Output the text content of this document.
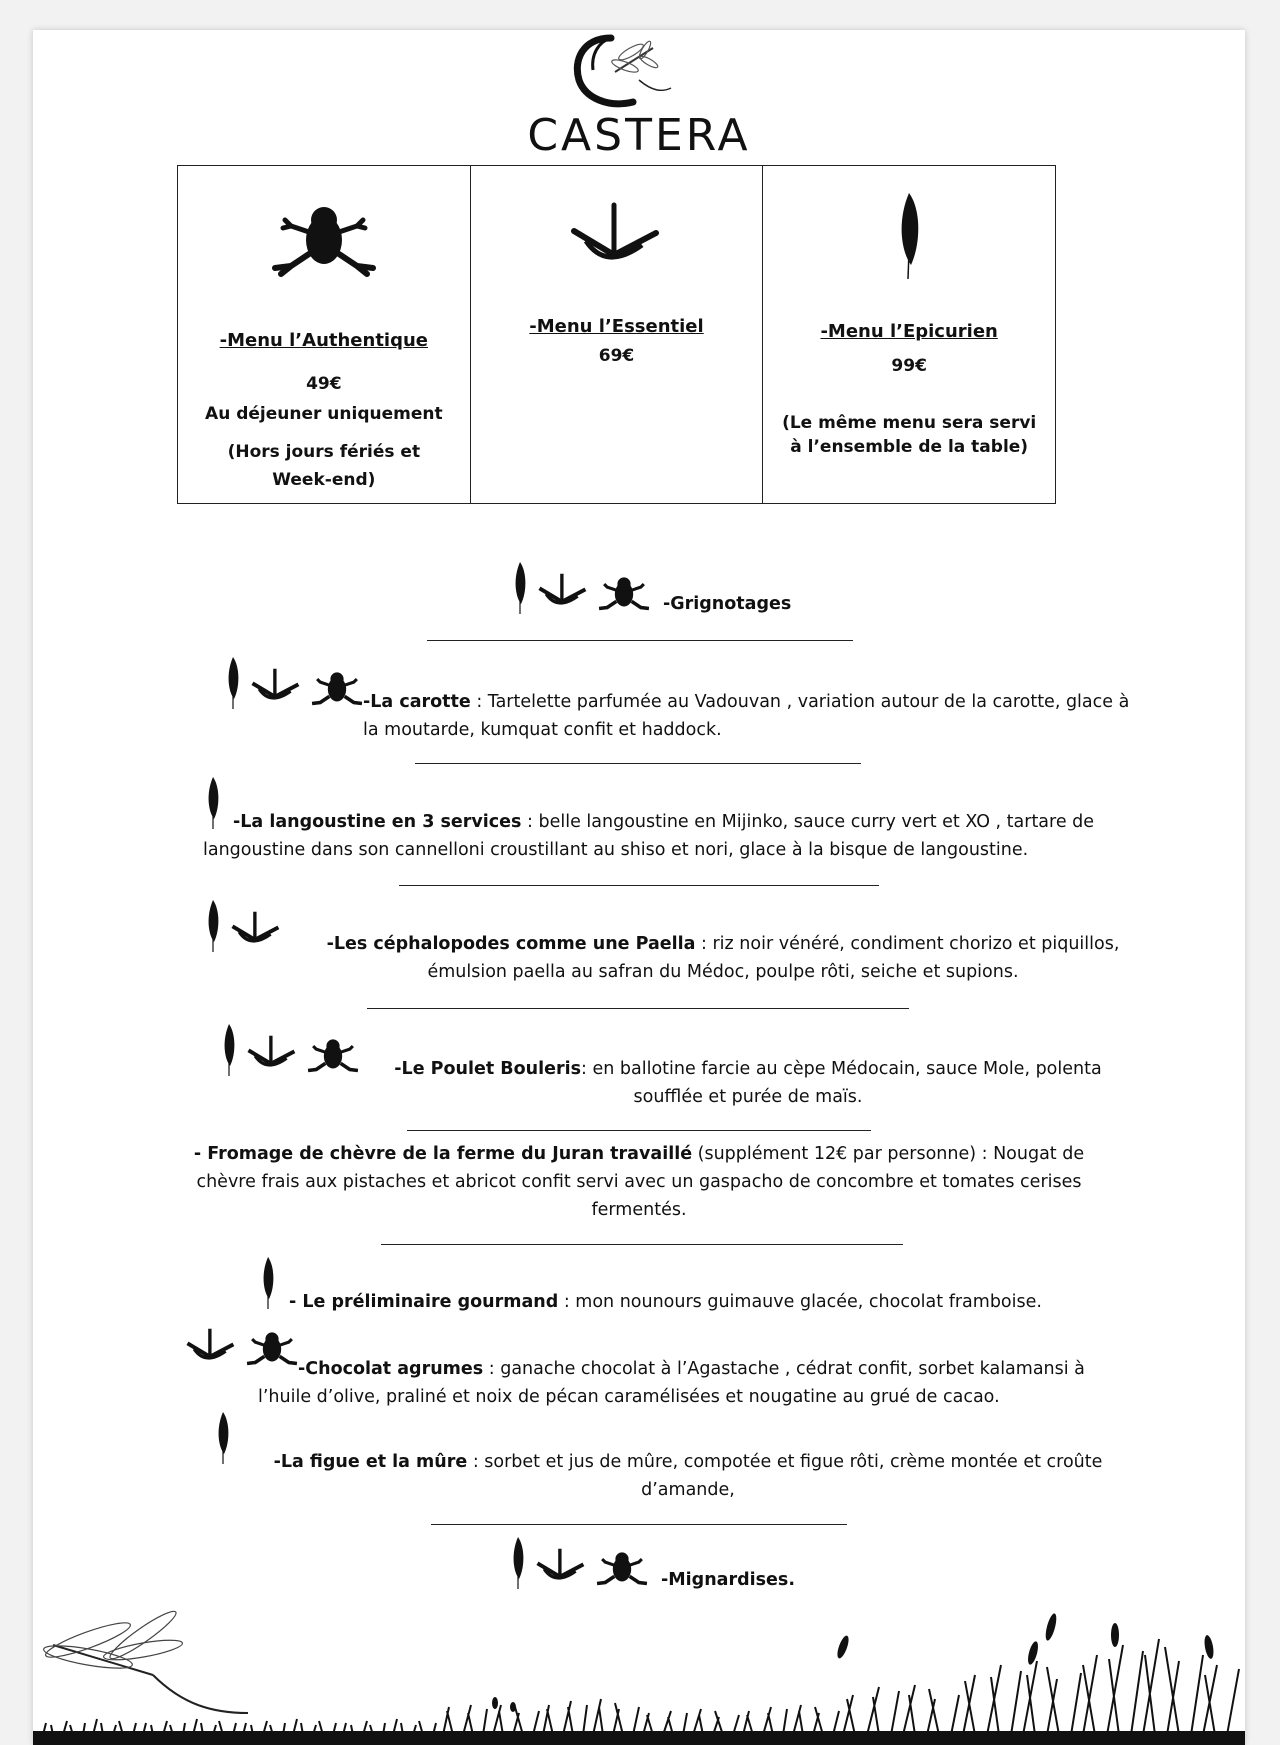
CASTERA
-Menu l’Authentique
49€
Au déjeuner uniquement
(Hors jours fériés et Week-end)

-Menu l’Essentiel
69€

-Menu l’Epicurien
99€
(Le même menu sera servi à l’ensemble de la table)

-Grignotages

-La carotte : Tartelette parfumée au Vadouvan , variation autour de la carotte, glace à la moutarde, kumquat confit et haddock.
-La langoustine en 3 services : belle langoustine en Mijinko, sauce curry vert et XO , tartare de langoustine dans son cannelloni croustillant au shiso et nori, glace à la bisque de langoustine.

-Les céphalopodes comme une Paella : riz noir vénéré, condiment chorizo et piquillos, émulsion paella au safran du Médoc, poulpe rôti, seiche et supions.

-Le Poulet Bouleris: en ballotine farcie au cèpe Médocain, sauce Mole, polenta soufflée et purée de maïs.
- Fromage de chèvre de la ferme du Juran travaillé (supplément 12€ par personne) : Nougat de chèvre frais aux pistaches et abricot confit servi avec un gaspacho de concombre et tomates cerises fermentés.
- Le préliminaire gourmand : mon nounours guimauve glacée, chocolat framboise.

-Chocolat agrumes : ganache chocolat à l’Agastache , cédrat confit, sorbet kalamansi à l’huile d’olive, praliné et noix de pécan caramélisées et nougatine au grué de cacao.
-La figue et la mûre : sorbet et jus de mûre, compotée et figue rôti, crème montée et croûte d’amande,

-Mignardises.
